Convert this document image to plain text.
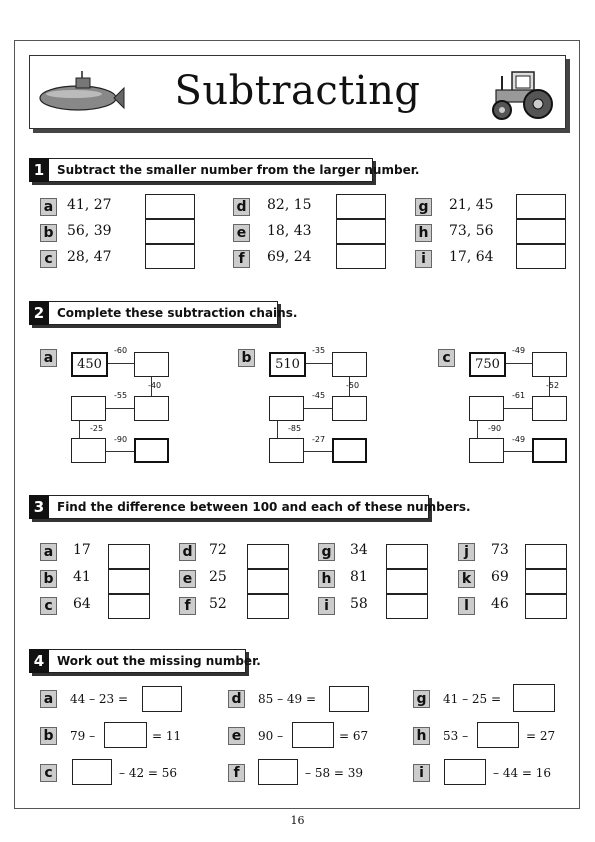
Subtracting
1	Subtract the smaller number from the larger number.
a 41, 27
b 56, 39
c	28, 47
d 82, 15
e 18, 43
f	69, 24
g 21, 45
h 73, 56
i	17, 64
2	Complete these subtraction chains.
a	450
-60
-40
-55
-25
-90
b	510
-35
-50
-45
-85
-27
c	750
-49
-52
-61
-90
-49
3	Find the difference between 100 and each of these numbers.
a 17
b 41
c	64
d 72
e 25
f	52
g 34
h 81
i	58
j	73
k 69
l	46
4	Work out the missing number.
a	44 – 23 =
b 79 –	= 11
c	– 42 = 56
d 85 – 49 =
e	90 –	= 67
f	– 58 = 39
g 41 – 25 =
h 53 –	= 27
i	– 44 = 16
16
